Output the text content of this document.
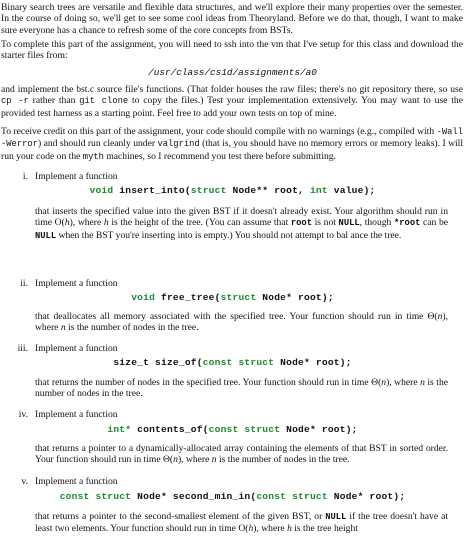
Binary search trees are versatile and flexible data structures, and we'll explore their many properties over the semester. In the course of doing so, we'll get to see some cool ideas from Theoryland. Before we do that, though, I want to make sure everyone has a chance to refresh some of the core concepts from BSTs.

To complete this part of the assignment, you will need to ssh into the vm that I've setup for this class and download the starter files from:

/usr/class/cs1d/assignments/a0

and implement the bst.c source file's functions. (That folder houses the raw files; there's no git repository there, so use cp -r rather than git clone to copy the files.) Test your implementation extensively. You may want to use the provided test harness as a starting point. Feel free to add your own tests on top of mine.

To receive credit on this part of the assignment, your code should compile with no warnings (e.g., compiled with -Wall -Werror) and should run cleanly under valgrind (that is, you should have no memory errors or memory leaks). I will run your code on the myth machines, so I recommend you test there before submitting.

i. Implement a function
void insert_into(struct Node** root, int value);

that inserts the specified value into the given BST if it doesn't already exist. Your algorithm should run in time O(h), where h is the height of the tree. (You can assume that root is not NULL, though *root can be NULL when the BST you're inserting into is empty.) You should not attempt to bal ance the tree.

ii. Implement a function
void free_tree(struct Node* root);

that deallocates all memory associated with the specified tree. Your function should run in time Θ(n), where n is the number of nodes in the tree.

iii. Implement a function
size_t size_of(const struct Node* root);

that returns the number of nodes in the specified tree. Your function should run in time Θ(n), where n is the number of nodes in the tree.

iv. Implement a function
int* contents_of(const struct Node* root);

that returns a pointer to a dynamically-allocated array containing the elements of that BST in sorted order. Your function should run in time Θ(n), where n is the number of nodes in the tree.

v. Implement a function
const struct Node* second_min_in(const struct Node* root);

that returns a pointer to the second-smallest element of the given BST, or NULL if the tree doesn't have at least two elements. Your function should run in time O(h), where h is the tree height
